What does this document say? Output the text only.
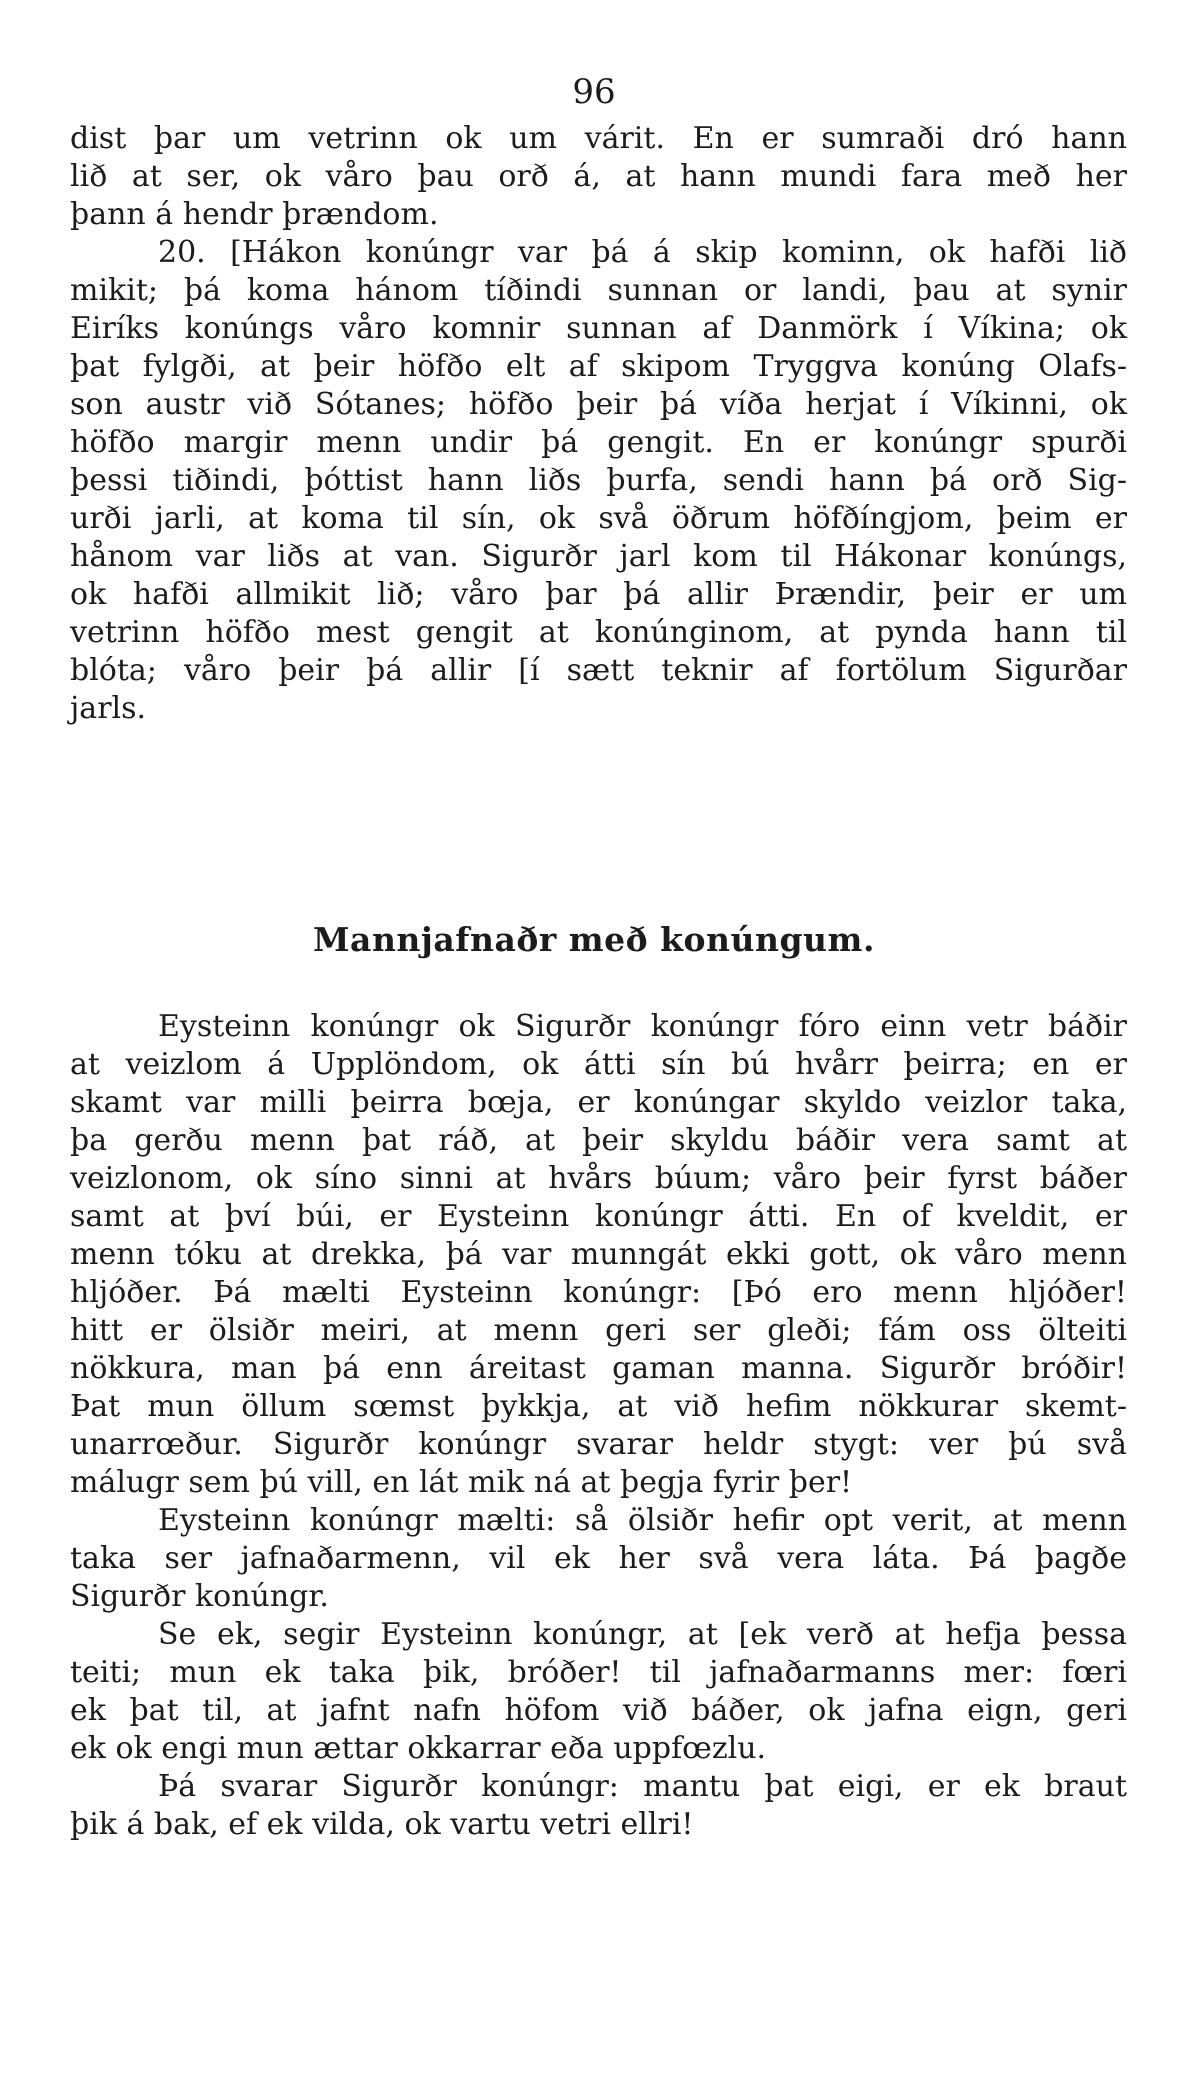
96
dist þar um vetrinn ok um várit. En er sumraði dró hann
lið at ser, ok våro þau orð á, at hann mundi fara með her
þann á hendr þrændom.
20. [Hákon konúngr var þá á skip kominn, ok hafði lið
mikit; þá koma hánom tíðindi sunnan or landi, þau at synir
Eiríks konúngs våro komnir sunnan af Danmörk í Víkina; ok
þat fylgði, at þeir höfðo elt af skipom Tryggva konúng Olafs-
son austr við Sótanes; höfðo þeir þá víða herjat í Víkinni, ok
höfðo margir menn undir þá gengit. En er konúngr spurði
þessi tiðindi, þóttist hann liðs þurfa, sendi hann þá orð Sig-
urði jarli, at koma til sín, ok svå öðrum höfðíngjom, þeim er
hånom var liðs at van. Sigurðr jarl kom til Hákonar konúngs,
ok hafði allmikit lið; våro þar þá allir Þrændir, þeir er um
vetrinn höfðo mest gengit at konúnginom, at pynda hann til
blóta; våro þeir þá allir [í sætt teknir af fortölum Sigurðar
jarls.
Mannjafnaðr með konúngum.
Eysteinn konúngr ok Sigurðr konúngr fóro einn vetr báðir
at veizlom á Upplöndom, ok átti sín bú hvårr þeirra; en er
skamt var milli þeirra bœja, er konúngar skyldo veizlor taka,
þa gerðu menn þat ráð, at þeir skyldu báðir vera samt at
veizlonom, ok síno sinni at hvårs búum; våro þeir fyrst báðer
samt at því búi, er Eysteinn konúngr átti. En of kveldit, er
menn tóku at drekka, þá var munngát ekki gott, ok våro menn
hljóðer. Þá mælti Eysteinn konúngr: [Þó ero menn hljóðer!
hitt er ölsiðr meiri, at menn geri ser gleði; fám oss ölteiti
nökkura, man þá enn áreitast gaman manna. Sigurðr bróðir!
Þat mun öllum sœmst þykkja, at við hefim nökkurar skemt-
unarrœður. Sigurðr konúngr svarar heldr stygt: ver þú svå
málugr sem þú vill, en lát mik ná at þegja fyrir þer!
Eysteinn konúngr mælti: så ölsiðr hefir opt verit, at menn
taka ser jafnaðarmenn, vil ek her svå vera láta. Þá þagðe
Sigurðr konúngr.
Se ek, segir Eysteinn konúngr, at [ek verð at hefja þessa
teiti; mun ek taka þik, bróðer! til jafnaðarmanns mer: fœri
ek þat til, at jafnt nafn höfom við báðer, ok jafna eign, geri
ek ok engi mun ættar okkarrar eða uppfœzlu.
Þá svarar Sigurðr konúngr: mantu þat eigi, er ek braut
þik á bak, ef ek vilda, ok vartu vetri ellri!
